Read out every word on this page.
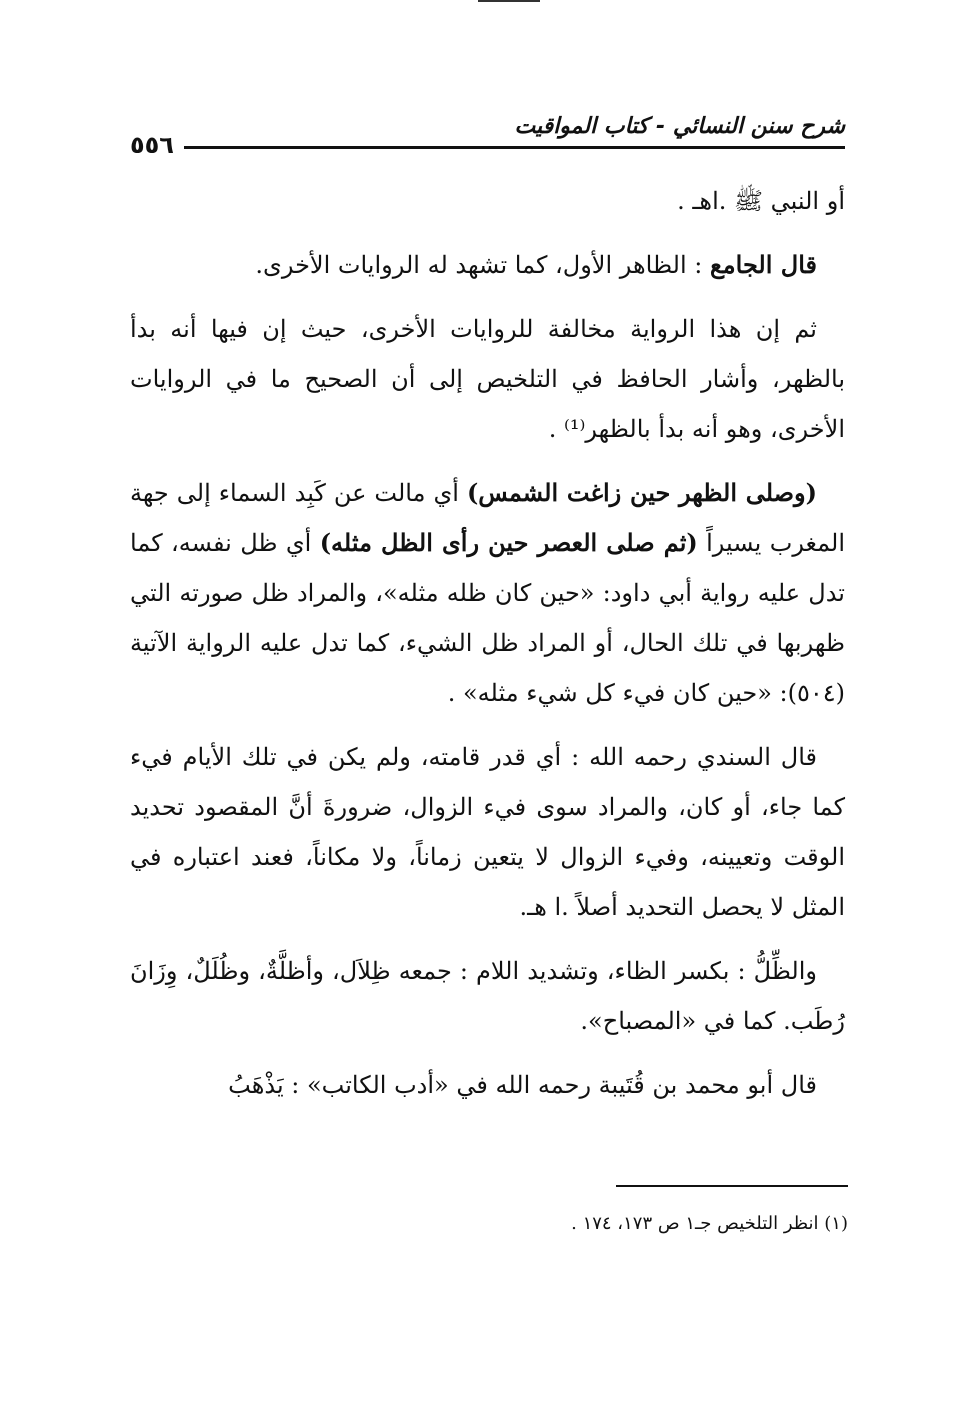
شرح سنن النسائي - كتاب المواقيت
٥٥٦

أو النبي ﷺ .اهـ .

قال الجامع : الظاهر الأول، كما تشهد له الروايات الأخرى.

ثم إن هذا الرواية مخالفة للروايات الأخرى، حيث إن فيها أنه بدأ بالظهر، وأشار الحافظ في التلخيص إلى أن الصحيح ما في الروايات الأخرى، وهو أنه بدأ بالظهر⁽¹⁾ .

(وصلى الظهر حين زاغت الشمس) أي مالت عن كَبِد السماء إلى جهة المغرب يسيراً (ثم صلى العصر حين رأى الظل مثله) أي ظل نفسه، كما تدل عليه رواية أبي داود: «حين كان ظله مثله»، والمراد ظل صورته التي ظهربها في تلك الحال، أو المراد ظل الشيء، كما تدل عليه الرواية الآتية (٥٠٤): «حين كان فيء كل شيء مثله» .

قال السندي رحمه الله : أي قدر قامته، ولم يكن في تلك الأيام فيء كما جاء، أو كان، والمراد سوى فيء الزوال، ضرورةَ أنَّ المقصود تحديد الوقت وتعيينه، وفيء الزوال لا يتعين زماناً، ولا مكاناً، فعند اعتباره في المثل لا يحصل التحديد أصلاً .ا هـ.

والظِّلُّ : بكسر الظاء، وتشديد اللام : جمعه ظِلاَل، وأظلَّةٌ، وظُلَلٌ، وِزَانَ رُطَب. كما في «المصباح».

قال أبو محمد بن قُتَيبة رحمه الله في «أدب الكاتب» : يَذْهَبُ

(١) انظر التلخيص جـ١ ص ١٧٣، ١٧٤ .
